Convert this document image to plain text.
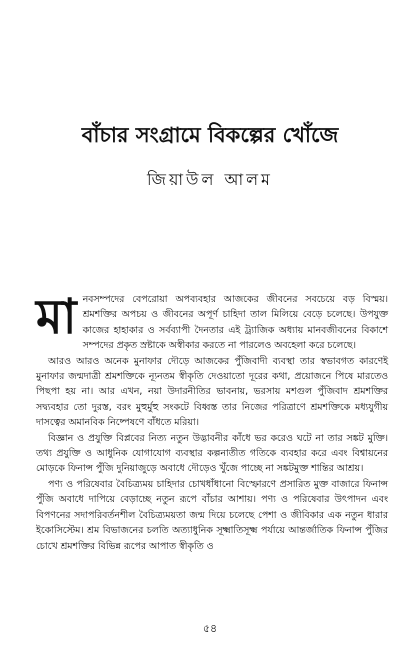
বাঁচার সংগ্রামে বিকল্পের খোঁজে
জিয়াউল আলম

মানবসম্পদের বেপরোয়া অপব্যবহার আজকের জীবনের সবচেয়ে বড় বিস্ময়। শ্রমশক্তির অপচয় ও জীবনের অপূর্ণ চাহিদা তাল মিলিয়ে বেড়ে চলেছে। উপযুক্ত কাজের হাহাকার ও সর্বব্যাপী দৈনতার এই ট্র্যাজিক অধ্যায় মানবজীবনের বিকাশে সম্পদের প্রকৃত স্রষ্টাকে অস্বীকার করতে না পারলেও অবহেলা করে চলেছে।

আরও আরও অনেক মুনাফার দৌড়ে আজকের পুঁজিবাদী ব্যবস্থা তার স্বভাবগত কারণেই মুনাফার জন্মদাত্রী শ্রমশক্তিকে ন্যূনতম স্বীকৃতি দেওয়াতো দূরের কথা, প্রয়োজনে পিষে মারতেও পিছপা হয় না। আর এখন, নয়া উদারনীতির ভাবনায়, ভরসায় মশগুল পুঁজিবাদ শ্রমশক্তির সদ্ব্যবহার তো দুরস্ত, বরং মুহুর্মুহু সংকটে বিধ্বস্ত তার নিজের পরিত্রাণে শ্রমশক্তিকে মধ্যযুগীয় দাসত্বের অমানবিক নিষ্পেষণে বাঁধতে মরিয়া।

বিজ্ঞান ও প্রযুক্তি বিপ্লবের নিত্য নতুন উদ্ভাবনীর কাঁধে ভর করেও ঘটে না তার সঙ্কট মুক্তি। তথ্য প্রযুক্তি ও আধুনিক যোগাযোগ ব্যবস্থার কল্পনাতীত গতিকে ব্যবহার করে এবং বিশ্বায়নের মোড়কে ফিনান্স পুঁজি দুনিয়াজুড়ে অবাধে দৌড়েও খুঁজে পাচ্ছে না সঙ্কটমুক্ত শান্তির আশ্রয়।

পণ্য ও পরিষেবার বৈচিত্র্যময় চাহিদার চোখধাঁধানো বিস্ফোরণে প্রসারিত মুক্ত বাজারে ফিনান্স পুঁজি অবাধে দাপিয়ে বেড়াচ্ছে নতুন রূপে বাঁচার আশায়। পণ্য ও পরিষেবার উৎপাদন এবং বিপণনের সদাপরিবর্তনশীল বৈচিত্র্যময়তা জন্ম দিয়ে চলেছে পেশা ও জীবিকার এক নতুন ধারার ইকোসিস্টেম। শ্রম বিভাজনের চলতি অত্যাধুনিক সূক্ষ্মাতিসূক্ষ্ম পর্যায়ে আন্তর্জাতিক ফিনান্স পুঁজির চোখে শ্রমশক্তির বিভিন্ন রূপের আপাত স্বীকৃতি ও

৫৪
